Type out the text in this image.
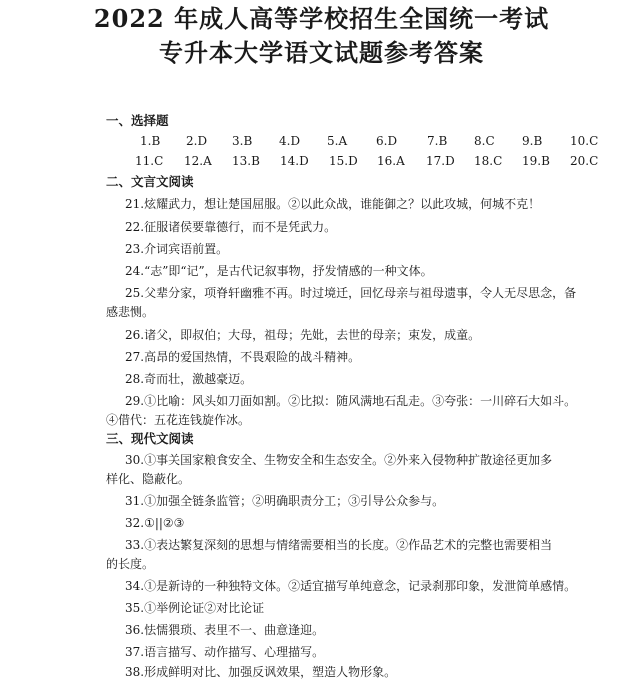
2022 年成人高等学校招生全国统一考试
专升本大学语文试题参考答案
一、选择题
1.B 2.D 3.B 4.D 5.A 6.D 7.B 8.C 9.B 10.C
11.C 12.A 13.B 14.D 15.D 16.A 17.D 18.C 19.B 20.C
二、文言文阅读
21.炫耀武力，想让楚国屈服。②以此众战，谁能御之？以此攻城，何城不克！
22.征服诸侯要靠德行，而不是凭武力。
23.介词宾语前置。
24.“志”即“记”，是古代记叙事物，抒发情感的一种文体。
25.父辈分家，项脊轩幽雅不再。时过境迁，回忆母亲与祖母遗事，令人无尽思念，备
感悲恻。
26.诸父，即叔伯；大母，祖母；先妣，去世的母亲；束发，成童。
27.高昂的爱国热情，不畏艰险的战斗精神。
28.奇而壮，激越豪迈。
29.①比喻：风头如刀面如割。②比拟：随风满地石乱走。③夸张：一川碎石大如斗。
④借代：五花连钱旋作冰。
三、现代文阅读
30.①事关国家粮食安全、生物安全和生态安全。②外来入侵物种扩散途径更加多
样化、隐蔽化。
31.①加强全链条监管；②明确职责分工；③引导公众参与。
32.①||②③
33.①表达繁复深刻的思想与情绪需要相当的长度。②作品艺术的完整也需要相当
的长度。
34.①是新诗的一种独特文体。②适宜描写单纯意念，记录刹那印象，发泄简单感情。
35.①举例论证②对比论证
36.怯懦猥琐、表里不一、曲意逢迎。
37.语言描写、动作描写、心理描写。
38.形成鲜明对比、加强反讽效果，塑造人物形象。
